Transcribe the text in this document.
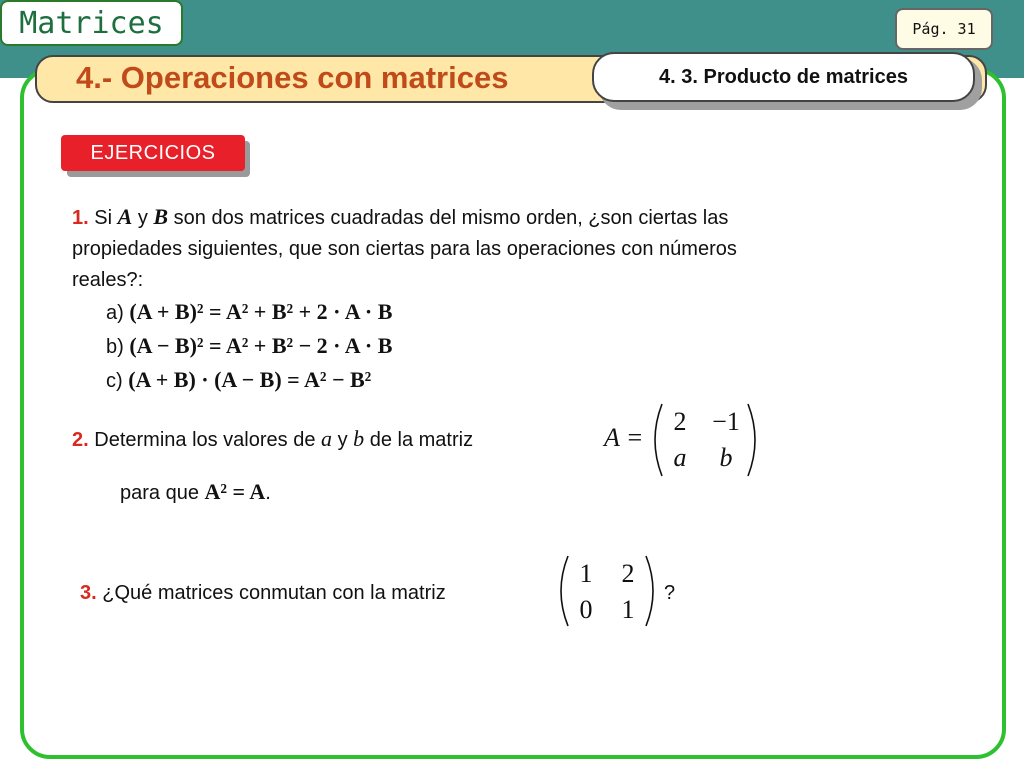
Matrices	Pág. 31
4.- Operaciones con matrices	4. 3. Producto de matrices
EJERCICIOS
1. Si A y B son dos matrices cuadradas del mismo orden, ¿son ciertas las
propiedades siguientes, que son ciertas para las operaciones con números
reales?:
a) (A + B)² = A² + B² + 2 · A · B
b) (A − B)² = A² + B² − 2 · A · B
c) (A + B) · (A − B) = A² − B²
2. Determina los valores de a y b de la matriz	A =
2 −1
a b
para que A² = A.
3. ¿Qué matrices conmutan con la matriz
1 2
0 1
?
